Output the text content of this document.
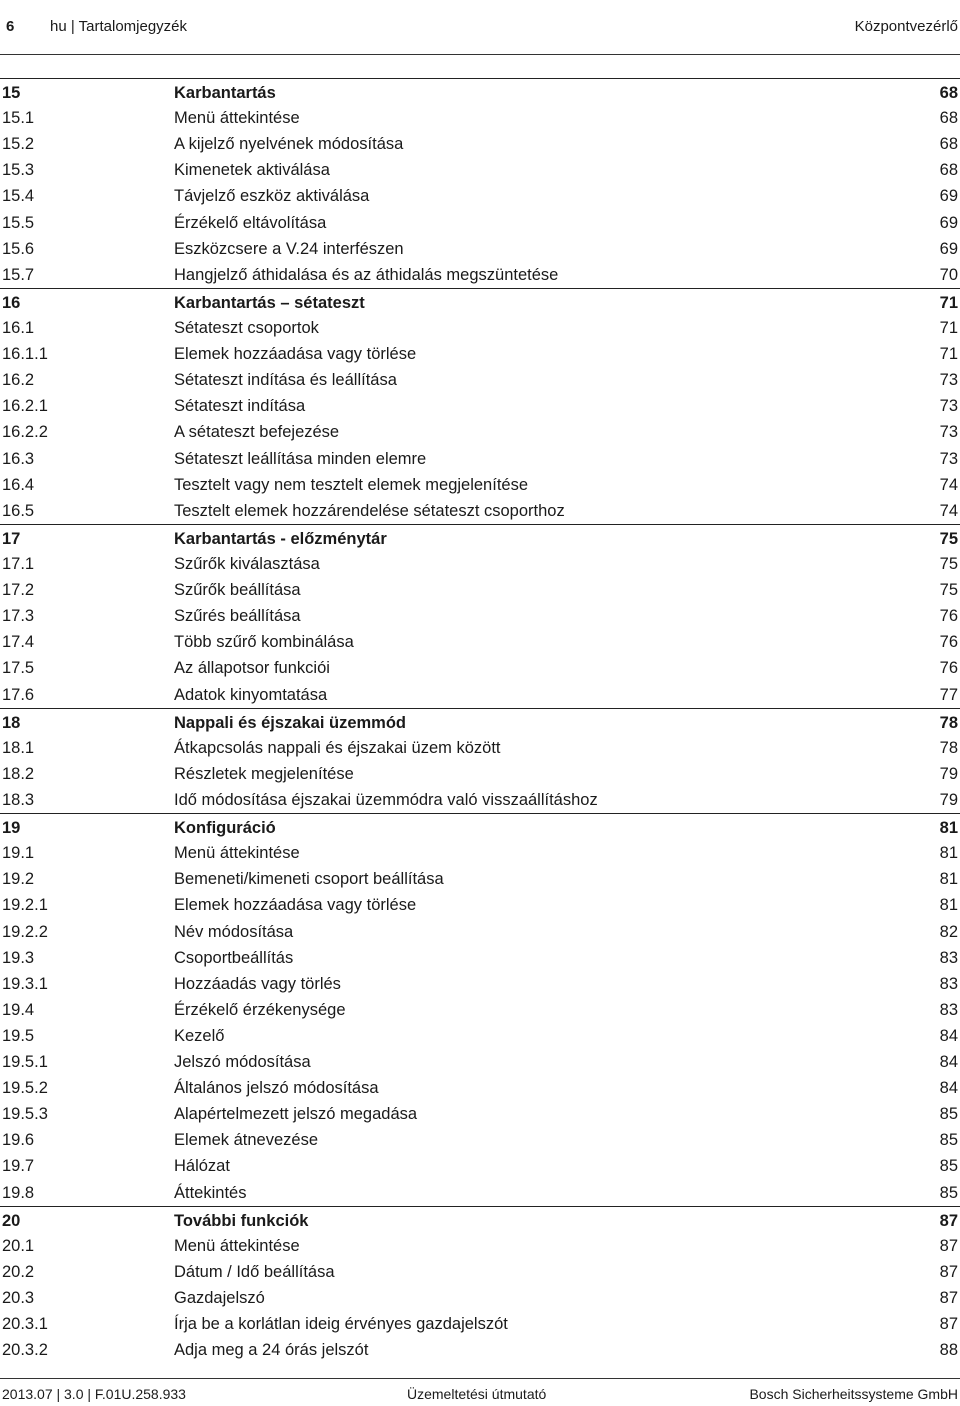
6 hu | Tartalomjegyzék	Központvezérlő
15	Karbantartás	68
15.1	Menü áttekintése	68
15.2	A kijelző nyelvének módosítása	68
15.3	Kimenetek aktiválása	68
15.4	Távjelző eszköz aktiválása	69
15.5	Érzékelő eltávolítása	69
15.6	Eszközcsere a V.24 interfészen	69
15.7	Hangjelző áthidalása és az áthidalás megszüntetése	70
16	Karbantartás – sétateszt	71
16.1	Sétateszt csoportok	71
16.1.1	Elemek hozzáadása vagy törlése	71
16.2	Sétateszt indítása és leállítása	73
16.2.1	Sétateszt indítása	73
16.2.2	A sétateszt befejezése	73
16.3	Sétateszt leállítása minden elemre	73
16.4	Tesztelt vagy nem tesztelt elemek megjelenítése	74
16.5	Tesztelt elemek hozzárendelése sétateszt csoporthoz	74
17	Karbantartás - előzménytár	75
17.1	Szűrők kiválasztása	75
17.2	Szűrők beállítása	75
17.3	Szűrés beállítása	76
17.4	Több szűrő kombinálása	76
17.5	Az állapotsor funkciói	76
17.6	Adatok kinyomtatása	77
18	Nappali és éjszakai üzemmód	78
18.1	Átkapcsolás nappali és éjszakai üzem között	78
18.2	Részletek megjelenítése	79
18.3	Idő módosítása éjszakai üzemmódra való visszaállításhoz	79
19	Konfiguráció	81
19.1	Menü áttekintése	81
19.2	Bemeneti/kimeneti csoport beállítása	81
19.2.1	Elemek hozzáadása vagy törlése	81
19.2.2	Név módosítása	82
19.3	Csoportbeállítás	83
19.3.1	Hozzáadás vagy törlés	83
19.4	Érzékelő érzékenysége	83
19.5	Kezelő	84
19.5.1	Jelszó módosítása	84
19.5.2	Általános jelszó módosítása	84
19.5.3	Alapértelmezett jelszó megadása	85
19.6	Elemek átnevezése	85
19.7	Hálózat	85
19.8	Áttekintés	85
20	További funkciók	87
20.1	Menü áttekintése	87
20.2	Dátum / Idő beállítása	87
20.3	Gazdajelszó	87
20.3.1	Írja be a korlátlan ideig érvényes gazdajelszót	87
20.3.2	Adja meg a 24 órás jelszót	88
2013.07 | 3.0 | F.01U.258.933	Üzemeltetési útmutató	Bosch Sicherheitssysteme GmbH
